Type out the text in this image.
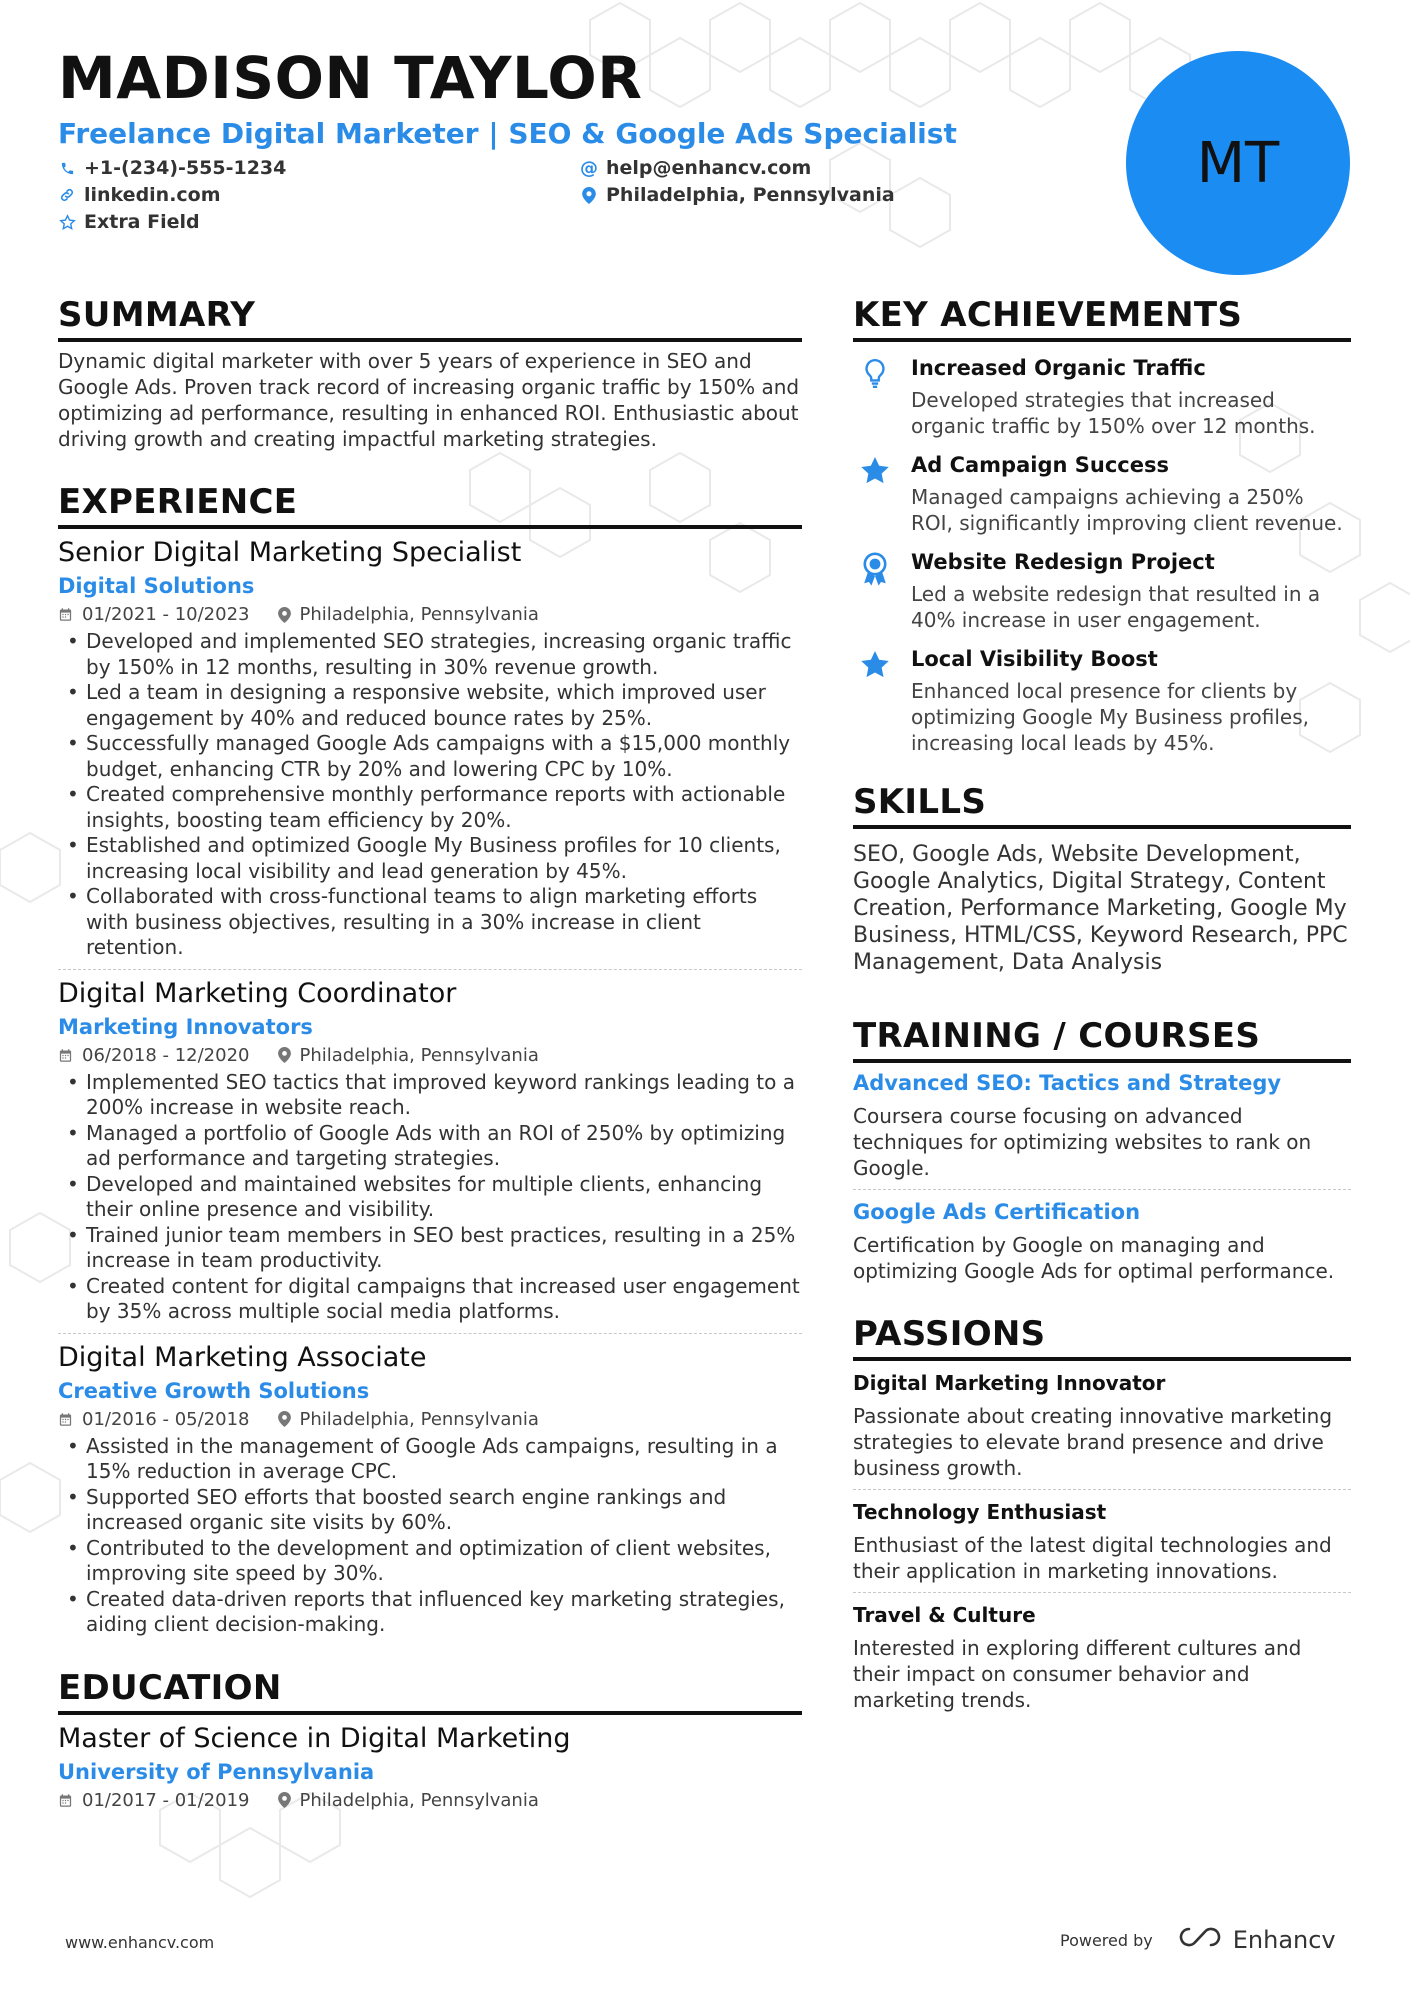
MADISON TAYLOR
Freelance Digital Marketer | SEO & Google Ads Specialist
+1-(234)-555-1234	@ help@enhancv.com
linkedin.com	Philadelphia, Pennsylvania
Extra Field
MT
SUMMARY
Dynamic digital marketer with over 5 years of experience in SEO and Google Ads. Proven track record of increasing organic traffic by 150% and optimizing ad performance, resulting in enhanced ROI. Enthusiastic about driving growth and creating impactful marketing strategies.
EXPERIENCE
Senior Digital Marketing Specialist
Digital Solutions
01/2021 - 10/2023	Philadelphia, Pennsylvania
• Developed and implemented SEO strategies, increasing organic traffic by 150% in 12 months, resulting in 30% revenue growth.
• Led a team in designing a responsive website, which improved user engagement by 40% and reduced bounce rates by 25%.
• Successfully managed Google Ads campaigns with a $15,000 monthly budget, enhancing CTR by 20% and lowering CPC by 10%.
• Created comprehensive monthly performance reports with actionable insights, boosting team efficiency by 20%.
• Established and optimized Google My Business profiles for 10 clients, increasing local visibility and lead generation by 45%.
• Collaborated with cross-functional teams to align marketing efforts with business objectives, resulting in a 30% increase in client retention.
Digital Marketing Coordinator
Marketing Innovators
06/2018 - 12/2020	Philadelphia, Pennsylvania
• Implemented SEO tactics that improved keyword rankings leading to a 200% increase in website reach.
• Managed a portfolio of Google Ads with an ROI of 250% by optimizing ad performance and targeting strategies.
• Developed and maintained websites for multiple clients, enhancing their online presence and visibility.
• Trained junior team members in SEO best practices, resulting in a 25% increase in team productivity.
• Created content for digital campaigns that increased user engagement by 35% across multiple social media platforms.
Digital Marketing Associate
Creative Growth Solutions
01/2016 - 05/2018	Philadelphia, Pennsylvania
• Assisted in the management of Google Ads campaigns, resulting in a 15% reduction in average CPC.
• Supported SEO efforts that boosted search engine rankings and increased organic site visits by 60%.
• Contributed to the development and optimization of client websites, improving site speed by 30%.
• Created data-driven reports that influenced key marketing strategies, aiding client decision-making.
EDUCATION
Master of Science in Digital Marketing
University of Pennsylvania
01/2017 - 01/2019	Philadelphia, Pennsylvania
KEY ACHIEVEMENTS
Increased Organic Traffic
Developed strategies that increased organic traffic by 150% over 12 months.
Ad Campaign Success
Managed campaigns achieving a 250% ROI, significantly improving client revenue.
Website Redesign Project
Led a website redesign that resulted in a 40% increase in user engagement.
Local Visibility Boost
Enhanced local presence for clients by optimizing Google My Business profiles, increasing local leads by 45%.
SKILLS
SEO, Google Ads, Website Development, Google Analytics, Digital Strategy, Content Creation, Performance Marketing, Google My Business, HTML/CSS, Keyword Research, PPC Management, Data Analysis
TRAINING / COURSES
Advanced SEO: Tactics and Strategy
Coursera course focusing on advanced techniques for optimizing websites to rank on Google.
Google Ads Certification
Certification by Google on managing and optimizing Google Ads for optimal performance.
PASSIONS
Digital Marketing Innovator
Passionate about creating innovative marketing strategies to elevate brand presence and drive business growth.
Technology Enthusiast
Enthusiast of the latest digital technologies and their application in marketing innovations.
Travel & Culture
Interested in exploring different cultures and their impact on consumer behavior and marketing trends.
www.enhancv.com	Powered by	Enhancv
